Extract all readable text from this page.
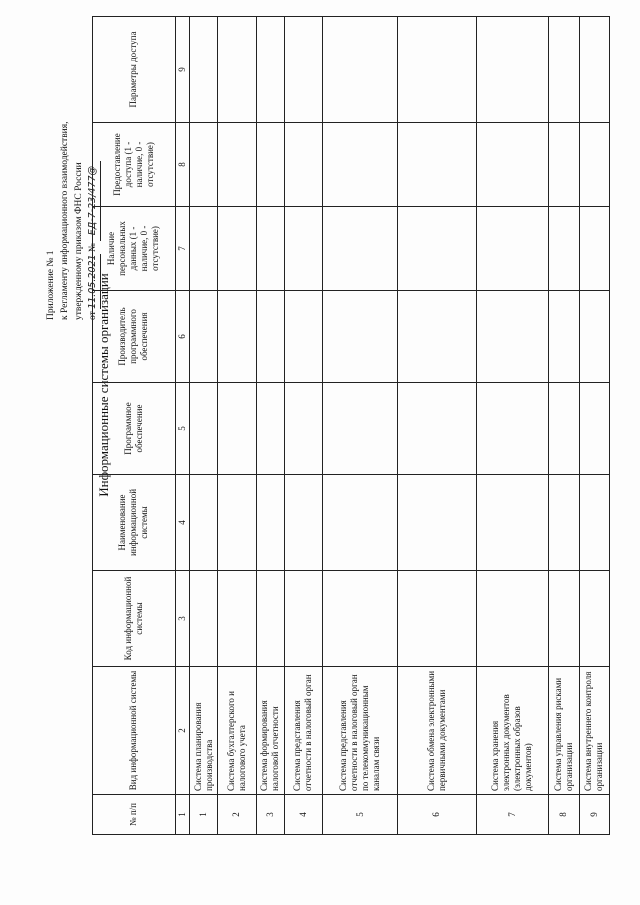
Приложение № 1 к Регламенту информационного взаимодействия, утвержденному приказом ФНС России от 11.05.2021 № ЕД-7-23/477@
Информационные системы организации
№ п/п	Вид информационной системы	Код информационной системы	Наименование информационной системы	Программное обеспечение	Производитель программного обеспечения	Наличие персональных данных (1 - наличие, 0 - отсутствие)	Предоставление доступа (1 - наличие, 0 - отсутствие)	Параметры доступа
1	2	3	4	5	6	7	8	9
1	Система планирования производства							
2	Система бухгалтерского и налогового учета							
3	Система формирования налоговой отчетности							
4	Система представления отчетности в налоговый орган							
5	Система представления отчетности в налоговый орган по телекоммуникационным каналам связи							
6	Система обмена электронными первичными документами							
7	Система хранения электронных документов (электронных образов документов)							
8	Система управления рисками организации							
9	Система внутреннего контроля организации							
